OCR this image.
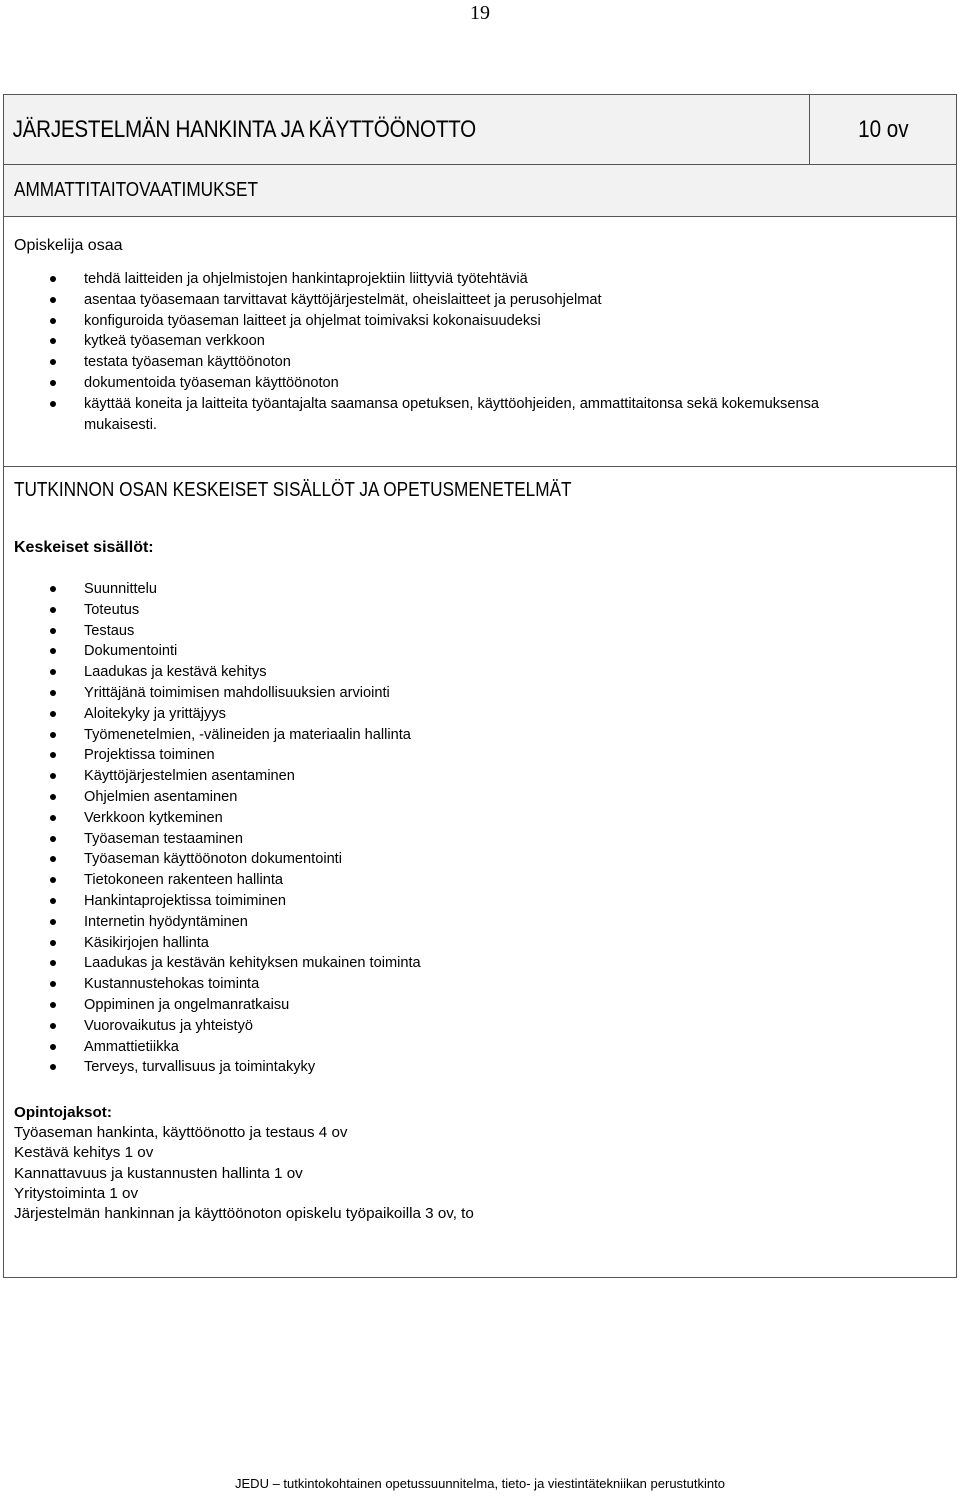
19
JÄRJESTELMÄN HANKINTA JA KÄYTTÖÖNOTTO	10 ov
AMMATTITAITOVAATIMUKSET
Opiskelija osaa
tehdä laitteiden ja ohjelmistojen hankintaprojektiin liittyviä työtehtäviä
asentaa työasemaan tarvittavat käyttöjärjestelmät, oheislaitteet ja perusohjelmat
konfiguroida työaseman laitteet ja ohjelmat toimivaksi kokonaisuudeksi
kytkeä työaseman verkkoon
testata työaseman käyttöönoton
dokumentoida työaseman käyttöönoton
käyttää koneita ja laitteita työantajalta saamansa opetuksen, käyttöohjeiden, ammattitaitonsa sekä kokemuksensa mukaisesti.
TUTKINNON OSAN KESKEISET SISÄLLÖT JA OPETUSMENETELMÄT
Keskeiset sisällöt:
Suunnittelu
Toteutus
Testaus
Dokumentointi
Laadukas ja kestävä kehitys
Yrittäjänä toimimisen mahdollisuuksien arviointi
Aloitekyky ja yrittäjyys
Työmenetelmien, -välineiden ja materiaalin hallinta
Projektissa toiminen
Käyttöjärjestelmien asentaminen
Ohjelmien asentaminen
Verkkoon kytkeminen
Työaseman testaaminen
Työaseman käyttöönoton dokumentointi
Tietokoneen rakenteen hallinta
Hankintaprojektissa toimiminen
Internetin hyödyntäminen
Käsikirjojen hallinta
Laadukas ja kestävän kehityksen mukainen toiminta
Kustannustehokas toiminta
Oppiminen ja ongelmanratkaisu
Vuorovaikutus ja yhteistyö
Ammattietiikka
Terveys, turvallisuus ja toimintakyky
Opintojaksot:
Työaseman hankinta, käyttöönotto ja testaus 4 ov
Kestävä kehitys 1 ov
Kannattavuus ja kustannusten hallinta 1 ov
Yritystoiminta 1 ov
Järjestelmän hankinnan ja käyttöönoton opiskelu työpaikoilla 3 ov, to
JEDU – tutkintokohtainen opetussuunnitelma, tieto- ja viestintätekniikan perustutkinto
